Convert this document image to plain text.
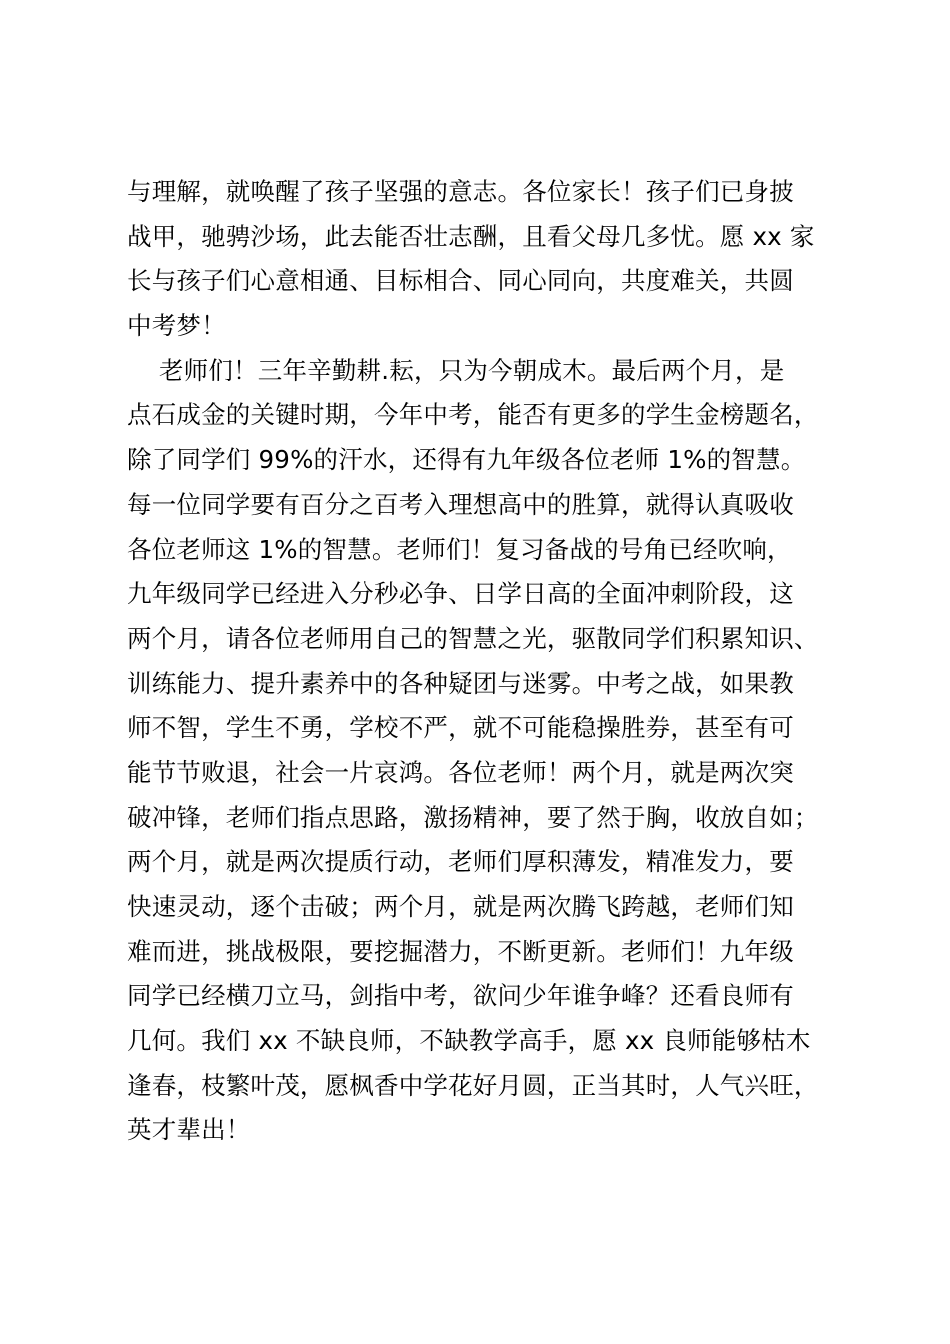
与理解，就唤醒了孩子坚强的意志。各位家长！孩子们已身披
战甲，驰骋沙场，此去能否壮志酬，且看父母几多忧。愿 xx 家
长与孩子们心意相通、目标相合、同心同向，共度难关，共圆
中考梦！
老师们！三年辛勤耕.耘，只为今朝成木。最后两个月，是
点石成金的关键时期，今年中考，能否有更多的学生金榜题名，
除了同学们 99%的汗水，还得有九年级各位老师 1%的智慧。
每一位同学要有百分之百考入理想高中的胜算，就得认真吸收
各位老师这 1%的智慧。老师们！复习备战的号角已经吹响，
九年级同学已经进入分秒必争、日学日高的全面冲刺阶段，这
两个月，请各位老师用自己的智慧之光，驱散同学们积累知识、
训练能力、提升素养中的各种疑团与迷雾。中考之战，如果教
师不智，学生不勇，学校不严，就不可能稳操胜券，甚至有可
能节节败退，社会一片哀鸿。各位老师！两个月，就是两次突
破冲锋，老师们指点思路，激扬精神，要了然于胸，收放自如；
两个月，就是两次提质行动，老师们厚积薄发，精准发力，要
快速灵动，逐个击破；两个月，就是两次腾飞跨越，老师们知
难而进，挑战极限，要挖掘潜力，不断更新。老师们！九年级
同学已经横刀立马，剑指中考，欲问少年谁争峰？还看良师有
几何。我们 xx 不缺良师，不缺教学高手，愿 xx 良师能够枯木
逢春，枝繁叶茂，愿枫香中学花好月圆，正当其时，人气兴旺，
英才辈出！
